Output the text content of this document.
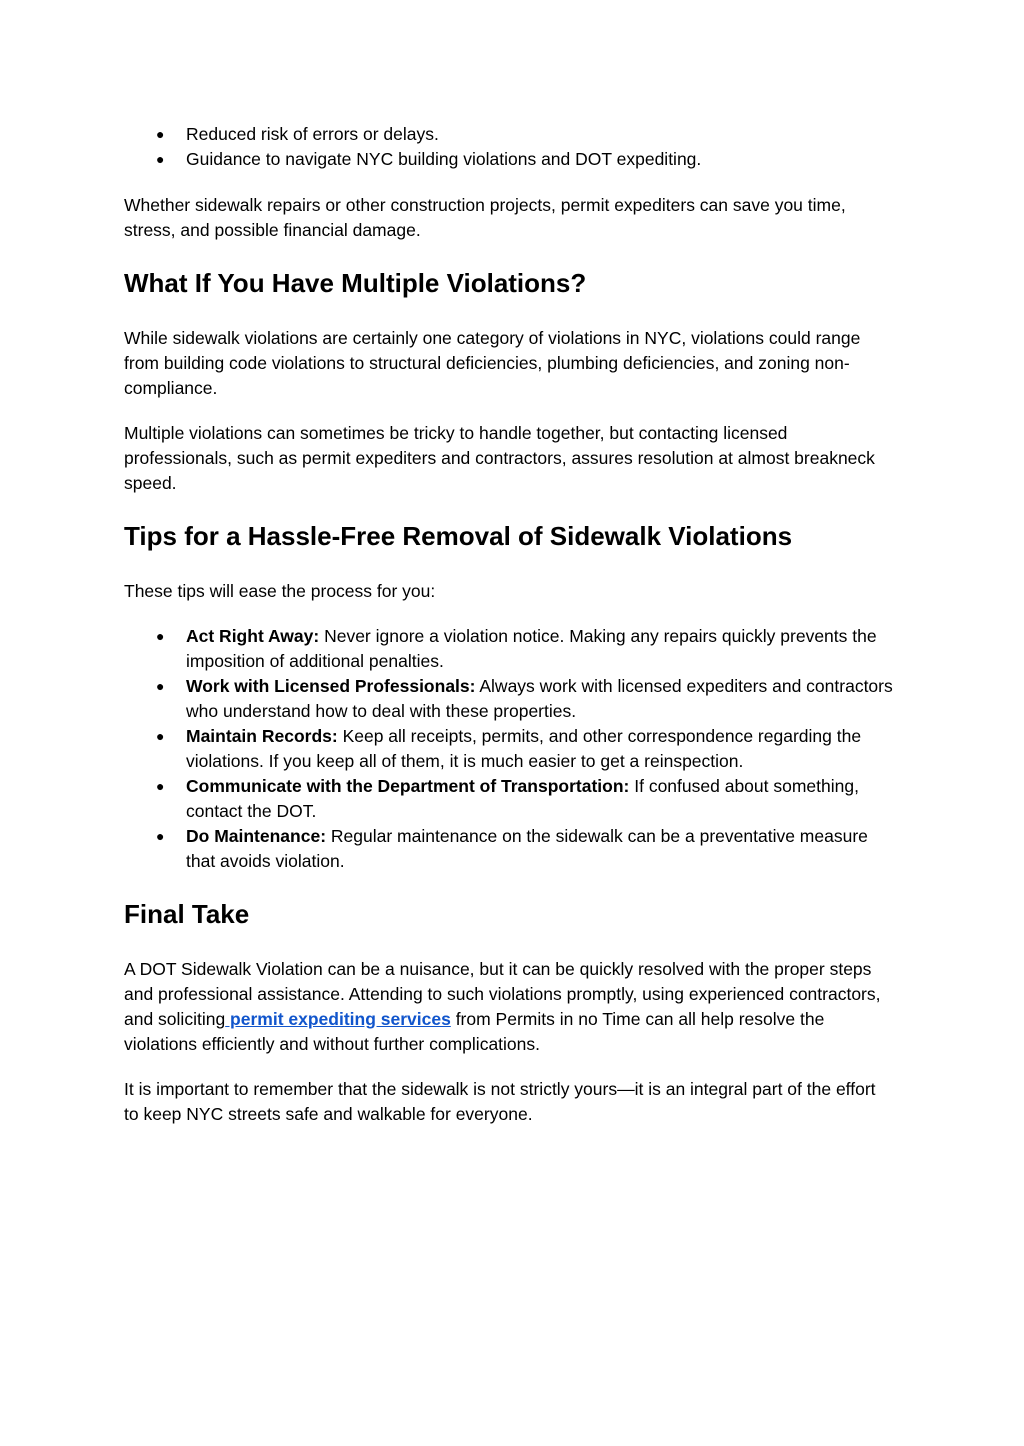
● Reduced risk of errors or delays.
● Guidance to navigate NYC building violations and DOT expediting.

Whether sidewalk repairs or other construction projects, permit expediters can save you time, stress, and possible financial damage.

What If You Have Multiple Violations?

While sidewalk violations are certainly one category of violations in NYC, violations could range from building code violations to structural deficiencies, plumbing deficiencies, and zoning non-compliance.

Multiple violations can sometimes be tricky to handle together, but contacting licensed professionals, such as permit expediters and contractors, assures resolution at almost breakneck speed.

Tips for a Hassle-Free Removal of Sidewalk Violations

These tips will ease the process for you:

● Act Right Away: Never ignore a violation notice. Making any repairs quickly prevents the imposition of additional penalties.
● Work with Licensed Professionals: Always work with licensed expediters and contractors who understand how to deal with these properties.
● Maintain Records: Keep all receipts, permits, and other correspondence regarding the violations. If you keep all of them, it is much easier to get a reinspection.
● Communicate with the Department of Transportation: If confused about something, contact the DOT.
● Do Maintenance: Regular maintenance on the sidewalk can be a preventative measure that avoids violation.
Final Take

A DOT Sidewalk Violation can be a nuisance, but it can be quickly resolved with the proper steps and professional assistance. Attending to such violations promptly, using experienced contractors, and soliciting permit expediting services from Permits in no Time can all help resolve the violations efficiently and without further complications.

It is important to remember that the sidewalk is not strictly yours—it is an integral part of the effort to keep NYC streets safe and walkable for everyone.
